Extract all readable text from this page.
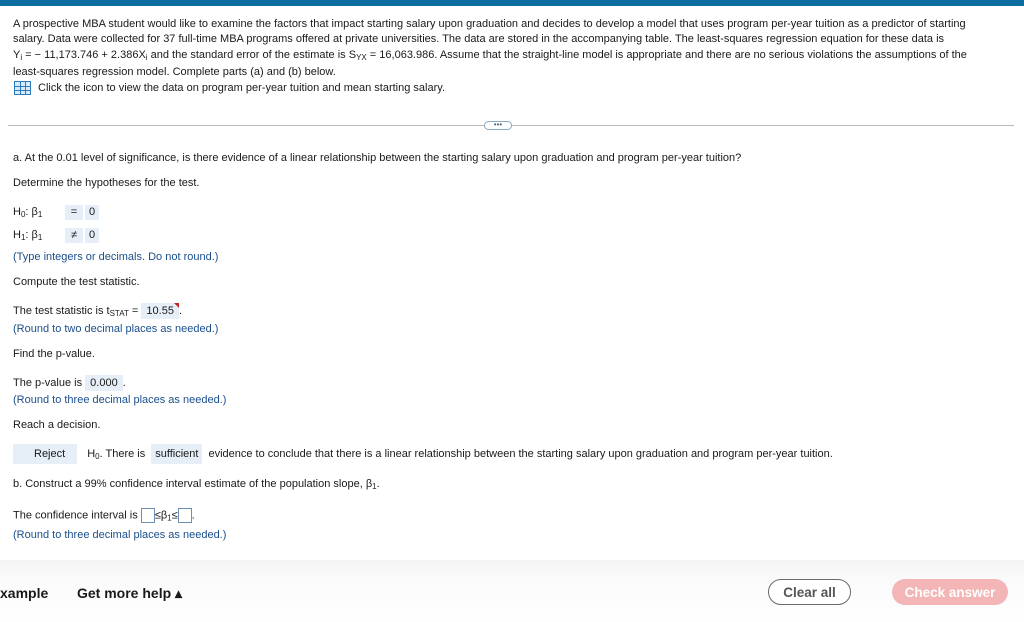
A prospective MBA student would like to examine the factors that impact starting salary upon graduation and decides to develop a model that uses program per-year tuition as a predictor of starting

salary. Data were collected for 37 full-time MBA programs offered at private universities. The data are stored in the accompanying table. The least-squares regression equation for these data is

$Y_i$ = − $11,173.746 + 2.386X_i$ and the standard error of the estimate is $S_{YX} = 16,063.986$. Assume that the straight-line model is appropriate and there are no serious violations the assumptions of the

least-squares regression model. Complete parts (a) and (b) below.

Click the icon to view the data on program per-year tuition and mean starting salary.
•••
a. At the 0.01 level of significance, is there evidence of a linear relationship between the starting salary upon graduation and program per-year tuition?
Determine the hypotheses for the test.
$H_0$: $\beta_1$	=	0
$H_1$: $\beta_1$	≠	0
(Type integers or decimals. Do not round.)
Compute the test statistic.
The test statistic is $t_{STAT} = 10.55$ .
(Round to two decimal places as needed.)
Find the p-value.
The p-value is 0.000 .
(Round to three decimal places as needed.)
Reach a decision.
Reject	$H_0$ . There is sufficient evidence to conclude that there is a linear relationship between the starting salary upon graduation and program per-year tuition.
b. Construct a 99% confidence interval estimate of the population slope, $\beta_1$.
The confidence interval is $\le\beta_1\le$ .
(Round to three decimal places as needed.)
xample Get more help ▴	Clear all	Check answer
